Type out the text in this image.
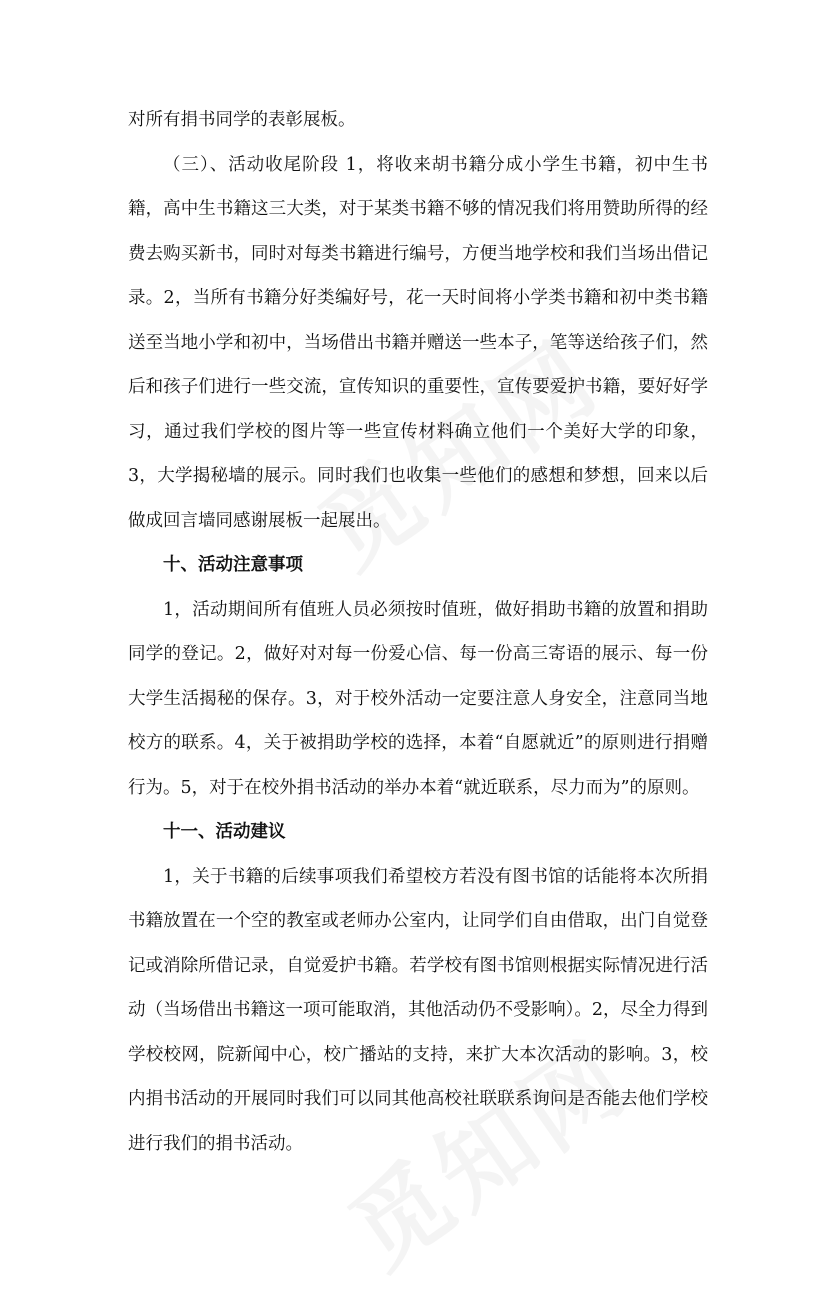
对所有捐书同学的表彰展板。

（三）、活动收尾阶段 1，将收来胡书籍分成小学生书籍，初中生书籍，高中生书籍这三大类，对于某类书籍不够的情况我们将用赞助所得的经费去购买新书，同时对每类书籍进行编号，方便当地学校和我们当场出借记录。2，当所有书籍分好类编好号，花一天时间将小学类书籍和初中类书籍送至当地小学和初中，当场借出书籍并赠送一些本子，笔等送给孩子们，然后和孩子们进行一些交流，宣传知识的重要性，宣传要爱护书籍，要好好学习，通过我们学校的图片等一些宣传材料确立他们一个美好大学的印象，3，大学揭秘墙的展示。同时我们也收集一些他们的感想和梦想，回来以后做成回言墙同感谢展板一起展出。

十、活动注意事项

1，活动期间所有值班人员必须按时值班，做好捐助书籍的放置和捐助同学的登记。2，做好对对每一份爱心信、每一份高三寄语的展示、每一份大学生活揭秘的保存。3，对于校外活动一定要注意人身安全，注意同当地校方的联系。4，关于被捐助学校的选择，本着“自愿就近”的原则进行捐赠行为。5，对于在校外捐书活动的举办本着“就近联系，尽力而为”的原则。

十一、活动建议

1，关于书籍的后续事项我们希望校方若没有图书馆的话能将本次所捐书籍放置在一个空的教室或老师办公室内，让同学们自由借取，出门自觉登记或消除所借记录，自觉爱护书籍。若学校有图书馆则根据实际情况进行活动（当场借出书籍这一项可能取消，其他活动仍不受影响）。2，尽全力得到学校校网，院新闻中心，校广播站的支持，来扩大本次活动的影响。3，校内捐书活动的开展同时我们可以同其他高校社联联系询问是否能去他们学校进行我们的捐书活动。
